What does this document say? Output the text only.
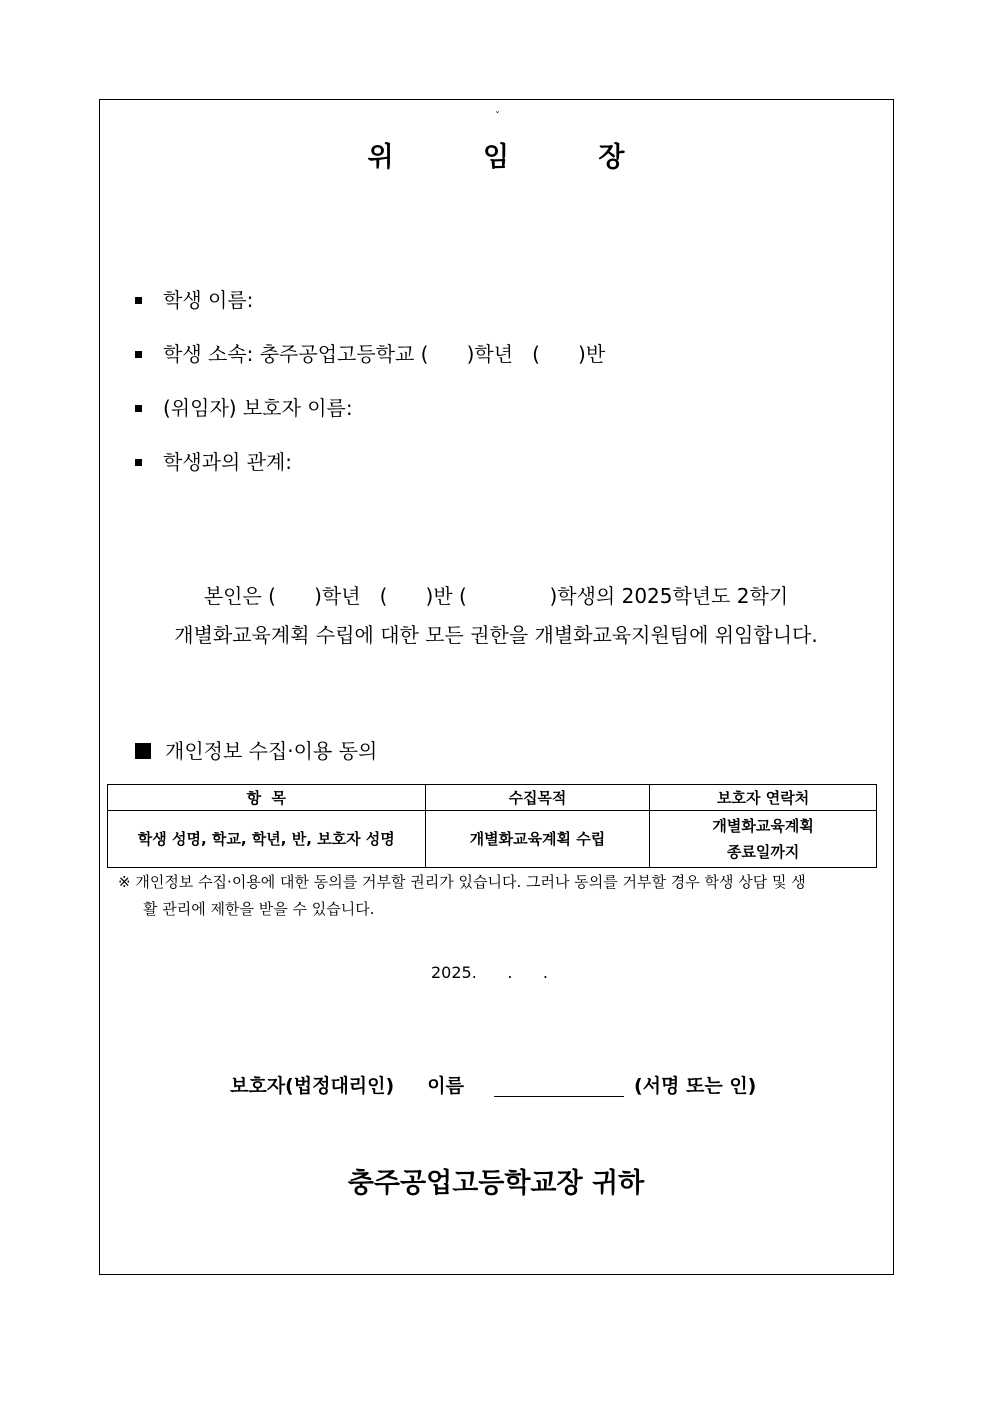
ˇ
위 임 장
학생 이름:
학생 소속: 충주공업고등학교 (      )학년   (      )반
(위임자) 보호자 이름:
학생과의 관계:
본인은 (      )학년   (      )반 (             )학생의 2025학년도 2학기
개별화교육계획 수립에 대한 모든 권한을 개별화교육지원팀에 위임합니다.
개인정보 수집·이용 동의
항  목	수집목적	보호자 연락처
학생 성명, 학교, 학년, 반, 보호자 성명	개별화교육계획 수립	개별화교육계획
종료일까지
※ 개인정보 수집·이용에 대한 동의를 거부할 권리가 있습니다. 그러나 동의를 거부할 경우 학생 상담 및 생
활 관리에 제한을 받을 수 있습니다.
2025.      .      .
보호자(법정대리인)     이름	(서명 또는 인)
충주공업고등학교장 귀하
